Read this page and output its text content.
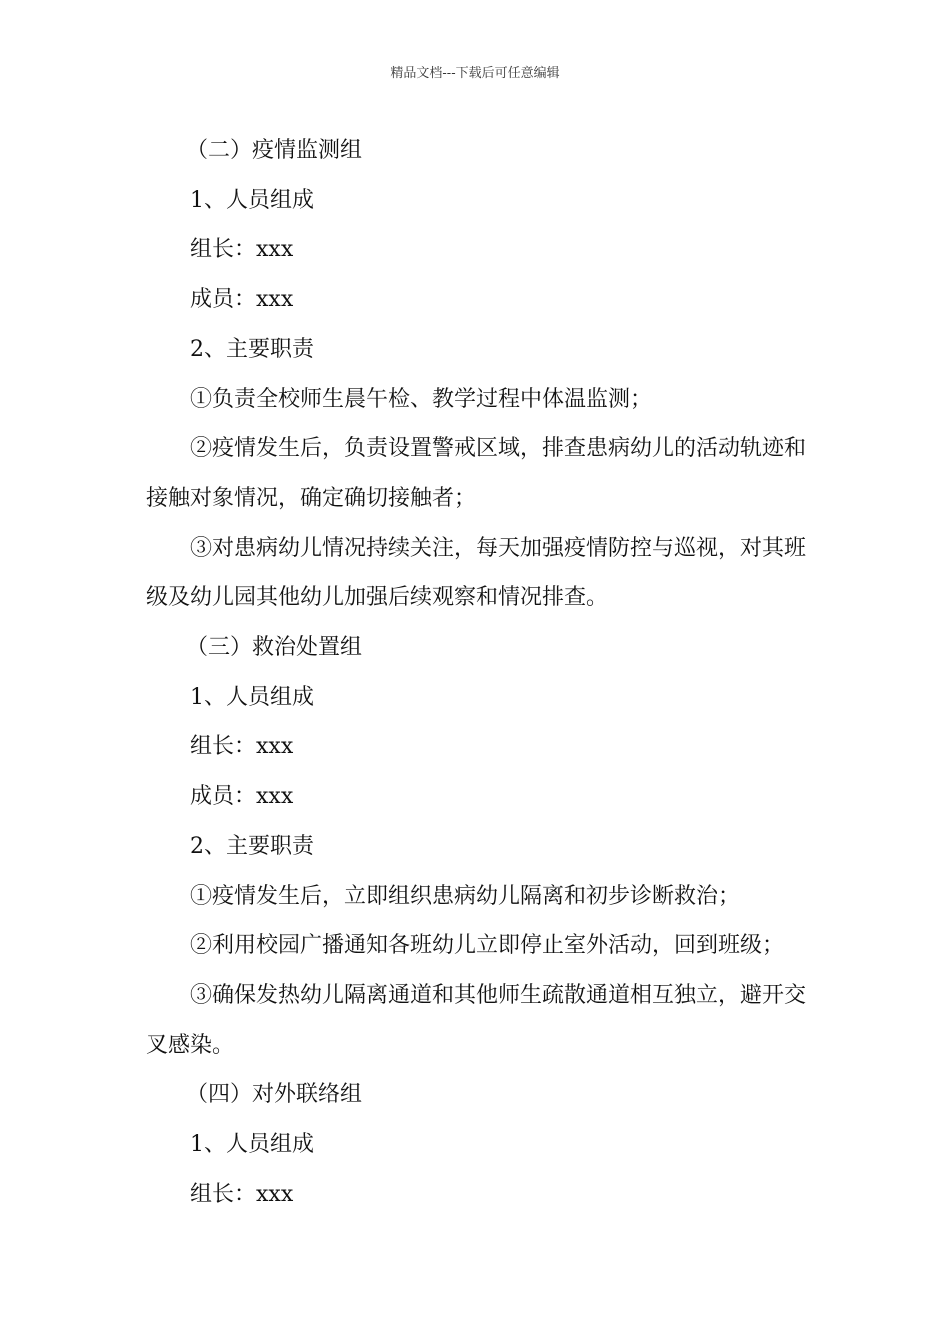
精品文档---下载后可任意编辑

（二）疫情监测组

1、人员组成

组长：xxx

成员：xxx

2、主要职责

①负责全校师生晨午检、教学过程中体温监测；

②疫情发生后，负责设置警戒区域，排查患病幼儿的活动轨迹和接触对象情况，确定确切接触者；

③对患病幼儿情况持续关注，每天加强疫情防控与巡视，对其班级及幼儿园其他幼儿加强后续观察和情况排查。

（三）救治处置组

1、人员组成

组长：xxx

成员：xxx

2、主要职责

①疫情发生后，立即组织患病幼儿隔离和初步诊断救治；

②利用校园广播通知各班幼儿立即停止室外活动，回到班级；

③确保发热幼儿隔离通道和其他师生疏散通道相互独立，避开交叉感染。

（四）对外联络组

1、人员组成

组长：xxx
